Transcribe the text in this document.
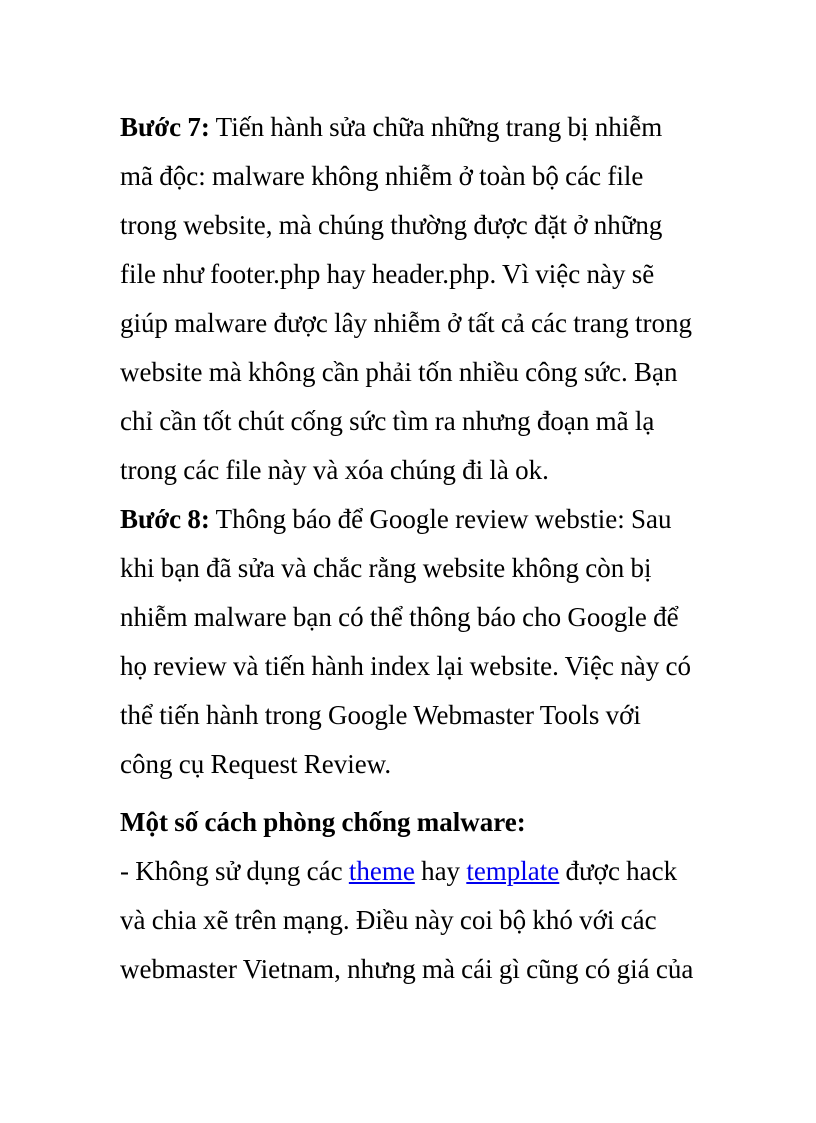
Bước 7: Tiến hành sửa chữa những trang bị nhiễm
mã độc: malware không nhiễm ở toàn bộ các file
trong website, mà chúng thường được đặt ở những
file như footer.php hay header.php. Vì việc này sẽ
giúp malware được lây nhiễm ở tất cả các trang trong
website mà không cần phải tốn nhiều công sức. Bạn
chỉ cần tốt chút cống sức tìm ra nhưng đoạn mã lạ
trong các file này và xóa chúng đi là ok.
Bước 8: Thông báo để Google review webstie: Sau
khi bạn đã sửa và chắc rằng website không còn bị
nhiễm malware bạn có thể thông báo cho Google để
họ review và tiến hành index lại website. Việc này có
thể tiến hành trong Google Webmaster Tools với
công cụ Request Review.
Một số cách phòng chống malware:
- Không sử dụng các theme hay template được hack
và chia xẽ trên mạng. Điều này coi bộ khó với các
webmaster Vietnam, nhưng mà cái gì cũng có giá của
